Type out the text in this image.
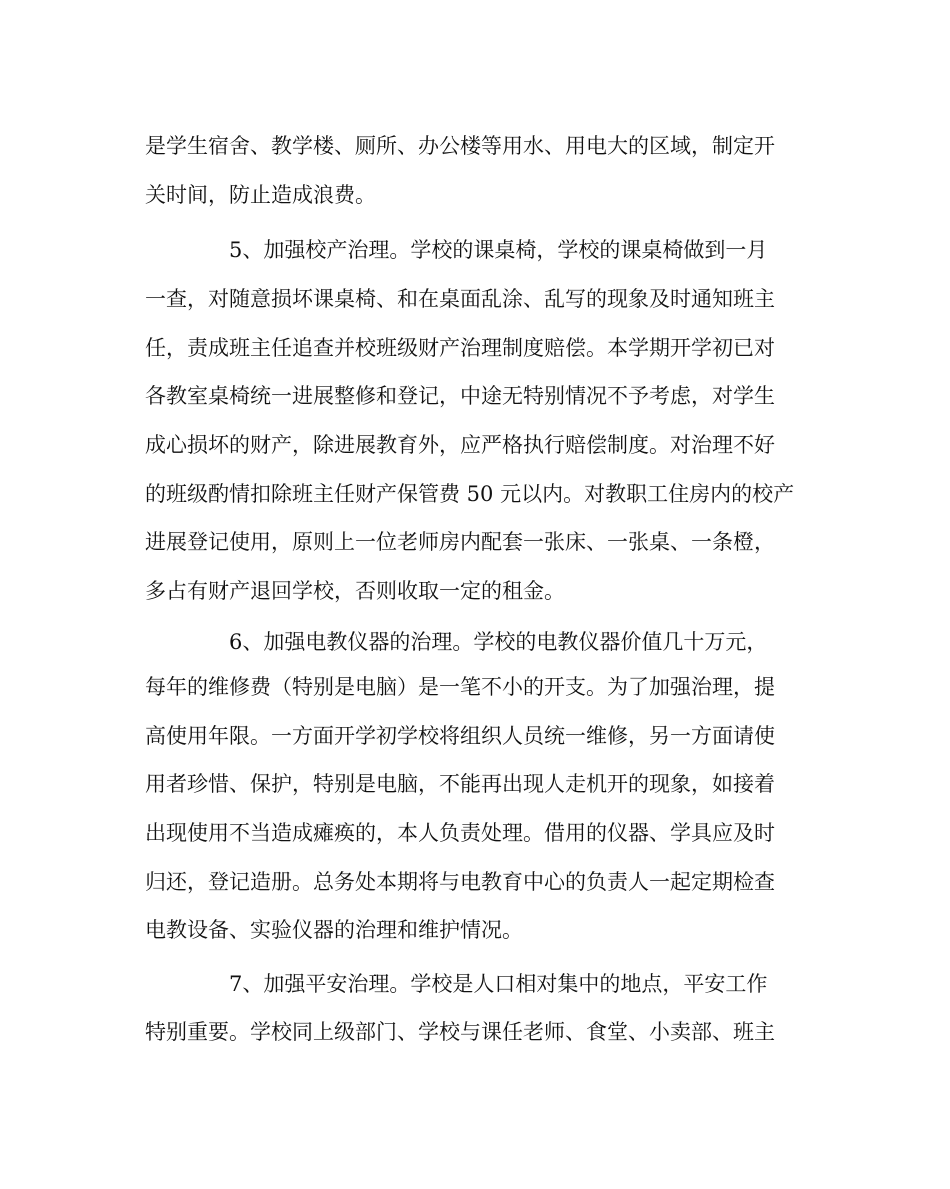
是学生宿舍、教学楼、厕所、办公楼等用水、用电大的区域，制定开
关时间，防止造成浪费。
5、加强校产治理。学校的课桌椅，学校的课桌椅做到一月
一查，对随意损坏课桌椅、和在桌面乱涂、乱写的现象及时通知班主
任，责成班主任追查并校班级财产治理制度赔偿。本学期开学初已对
各教室桌椅统一进展整修和登记，中途无特别情况不予考虑，对学生
成心损坏的财产，除进展教育外，应严格执行赔偿制度。对治理不好
的班级酌情扣除班主任财产保管费 50 元以内。对教职工住房内的校产
进展登记使用，原则上一位老师房内配套一张床、一张桌、一条橙，
多占有财产退回学校，否则收取一定的租金。
6、加强电教仪器的治理。学校的电教仪器价值几十万元，
每年的维修费（特别是电脑）是一笔不小的开支。为了加强治理，提
高使用年限。一方面开学初学校将组织人员统一维修，另一方面请使
用者珍惜、保护，特别是电脑，不能再出现人走机开的现象，如接着
出现使用不当造成瘫痪的，本人负责处理。借用的仪器、学具应及时
归还，登记造册。总务处本期将与电教育中心的负责人一起定期检查
电教设备、实验仪器的治理和维护情况。
7、加强平安治理。学校是人口相对集中的地点，平安工作
特别重要。学校同上级部门、学校与课任老师、食堂、小卖部、班主
